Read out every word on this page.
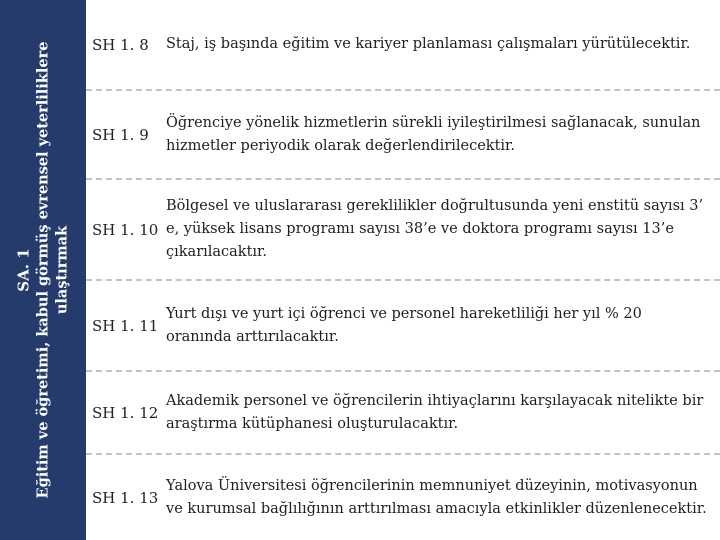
SA. 1 Eğitim ve öğretimi, kabul görmüş evrensel yeterliliklere ulaştırmak
SH 1. 8	Staj, iş başında eğitim ve kariyer planlaması çalışmaları yürütülecektir.
SH 1. 9
Öğrenciye yönelik hizmetlerin sürekli iyileştirilmesi sağlanacak, sunulan hizmetler periyodik olarak değerlendirilecektir.
SH 1. 10
Bölgesel ve uluslararası gereklilikler doğrultusunda yeni enstitü sayısı 3’ e, yüksek lisans programı sayısı 38’e ve doktora programı sayısı 13’e çıkarılacaktır.
SH 1. 11
Yurt dışı ve yurt içi öğrenci ve personel hareketliliği her yıl % 20 oranında arttırılacaktır.
SH 1. 12
Akademik personel ve öğrencilerin ihtiyaçlarını karşılayacak nitelikte bir araştırma kütüphanesi oluşturulacaktır.
SH 1. 13
Yalova Üniversitesi öğrencilerinin memnuniyet düzeyinin, motivasyonun ve kurumsal bağlılığının arttırılması amacıyla etkinlikler düzenlenecektir.
